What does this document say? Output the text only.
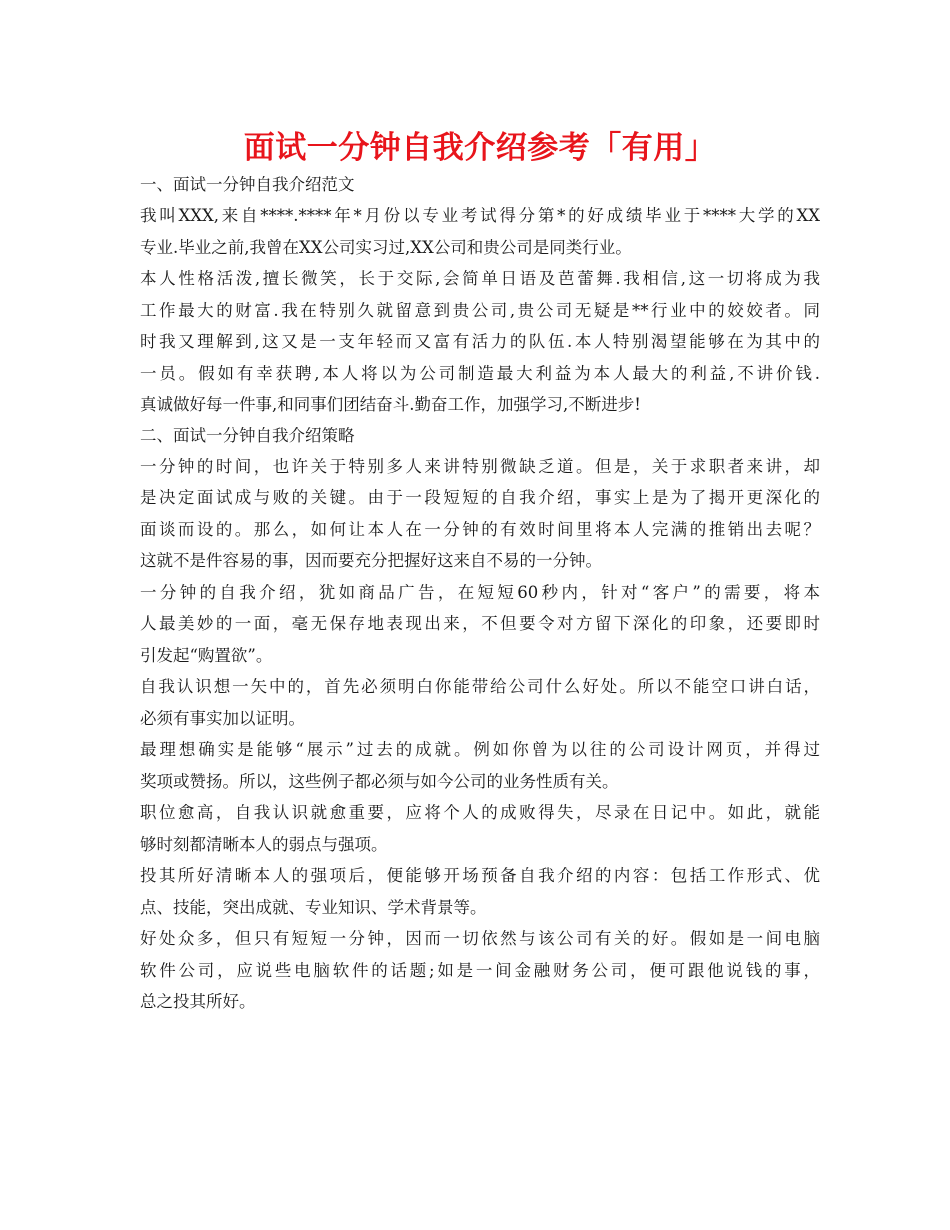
面试一分钟自我介绍参考「有用」

一、面试一分钟自我介绍范文

我叫XXX,来自****.****年*月份以专业考试得分第*的好成绩毕业于****大学的XX
专业.毕业之前,我曾在XX公司实习过,XX公司和贵公司是同类行业。

本人性格活泼,擅长微笑，长于交际,会简单日语及芭蕾舞.我相信,这一切将成为我
工作最大的财富.我在特别久就留意到贵公司,贵公司无疑是**行业中的姣姣者。同
时我又理解到,这又是一支年轻而又富有活力的队伍.本人特别渴望能够在为其中的
一员。假如有幸获聘,本人将以为公司制造最大利益为本人最大的利益,不讲价钱.
真诚做好每一件事,和同事们团结奋斗.勤奋工作，加强学习,不断进步!

二、面试一分钟自我介绍策略

一分钟的时间，也许关于特别多人来讲特别微缺乏道。但是，关于求职者来讲，却
是决定面试成与败的关键。由于一段短短的自我介绍，事实上是为了揭开更深化的
面谈而设的。那么，如何让本人在一分钟的有效时间里将本人完满的推销出去呢？
这就不是件容易的事，因而要充分把握好这来自不易的一分钟。

一分钟的自我介绍，犹如商品广告，在短短60秒内，针对“客户”的需要，将本
人最美妙的一面，毫无保存地表现出来，不但要令对方留下深化的印象，还要即时
引发起“购置欲”。

自我认识想一矢中的，首先必须明白你能带给公司什么好处。所以不能空口讲白话，
必须有事实加以证明。

最理想确实是能够“展示”过去的成就。例如你曾为以往的公司设计网页，并得过
奖项或赞扬。所以，这些例子都必须与如今公司的业务性质有关。

职位愈高，自我认识就愈重要，应将个人的成败得失，尽录在日记中。如此，就能
够时刻都清晰本人的弱点与强项。

投其所好清晰本人的强项后，便能够开场预备自我介绍的内容：包括工作形式、优
点、技能，突出成就、专业知识、学术背景等。

好处众多，但只有短短一分钟，因而一切依然与该公司有关的好。假如是一间电脑
软件公司，应说些电脑软件的话题;如是一间金融财务公司，便可跟他说钱的事，
总之投其所好。
